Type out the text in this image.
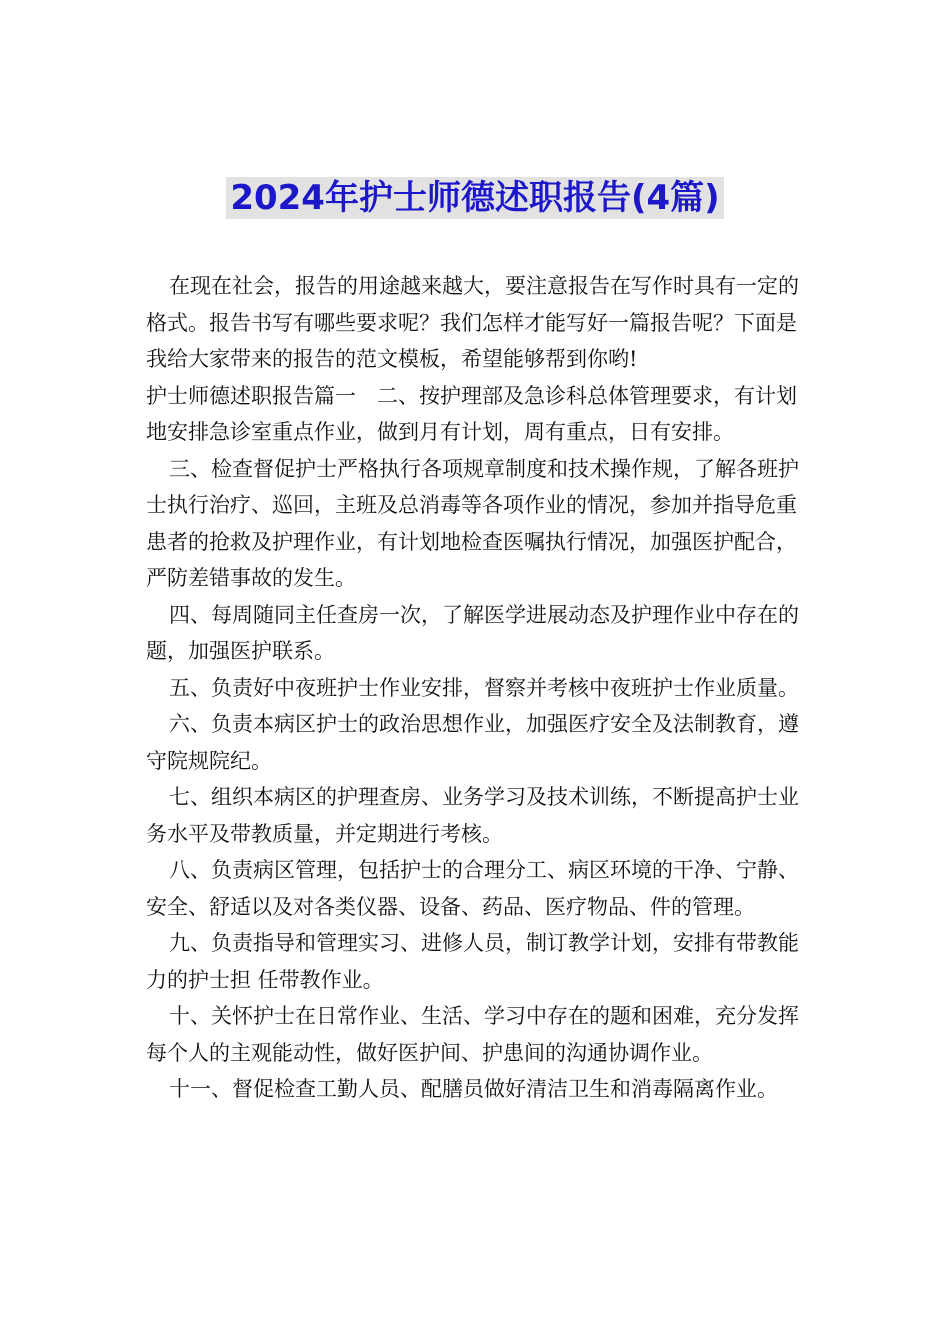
2024年护士师德述职报告(4篇)

在现在社会，报告的用途越来越大，要注意报告在写作时具有一定的格式。报告书写有哪些要求呢？我们怎样才能写好一篇报告呢？下面是我给大家带来的报告的范文模板，希望能够帮到你哟!

护士师德述职报告篇一　二、按护理部及急诊科总体管理要求，有计划地安排急诊室重点作业，做到月有计划，周有重点，日有安排。

三、检查督促护士严格执行各项规章制度和技术操作规，了解各班护士执行治疗、巡回，主班及总消毒等各项作业的情况，参加并指导危重患者的抢救及护理作业，有计划地检查医嘱执行情况，加强医护配合，严防差错事故的发生。

四、每周随同主任查房一次，了解医学进展动态及护理作业中存在的题，加强医护联系。

五、负责好中夜班护士作业安排，督察并考核中夜班护士作业质量。

六、负责本病区护士的政治思想作业，加强医疗安全及法制教育，遵守院规院纪。

七、组织本病区的护理查房、业务学习及技术训练，不断提高护士业务水平及带教质量，并定期进行考核。

八、负责病区管理，包括护士的合理分工、病区环境的干净、宁静、安全、舒适以及对各类仪器、设备、药品、医疗物品、件的管理。

九、负责指导和管理实习、进修人员，制订教学计划，安排有带教能力的护士担 任带教作业。

十、关怀护士在日常作业、生活、学习中存在的题和困难，充分发挥每个人的主观能动性，做好医护间、护患间的沟通协调作业。

十一、督促检查工勤人员、配膳员做好清洁卫生和消毒隔离作业。
